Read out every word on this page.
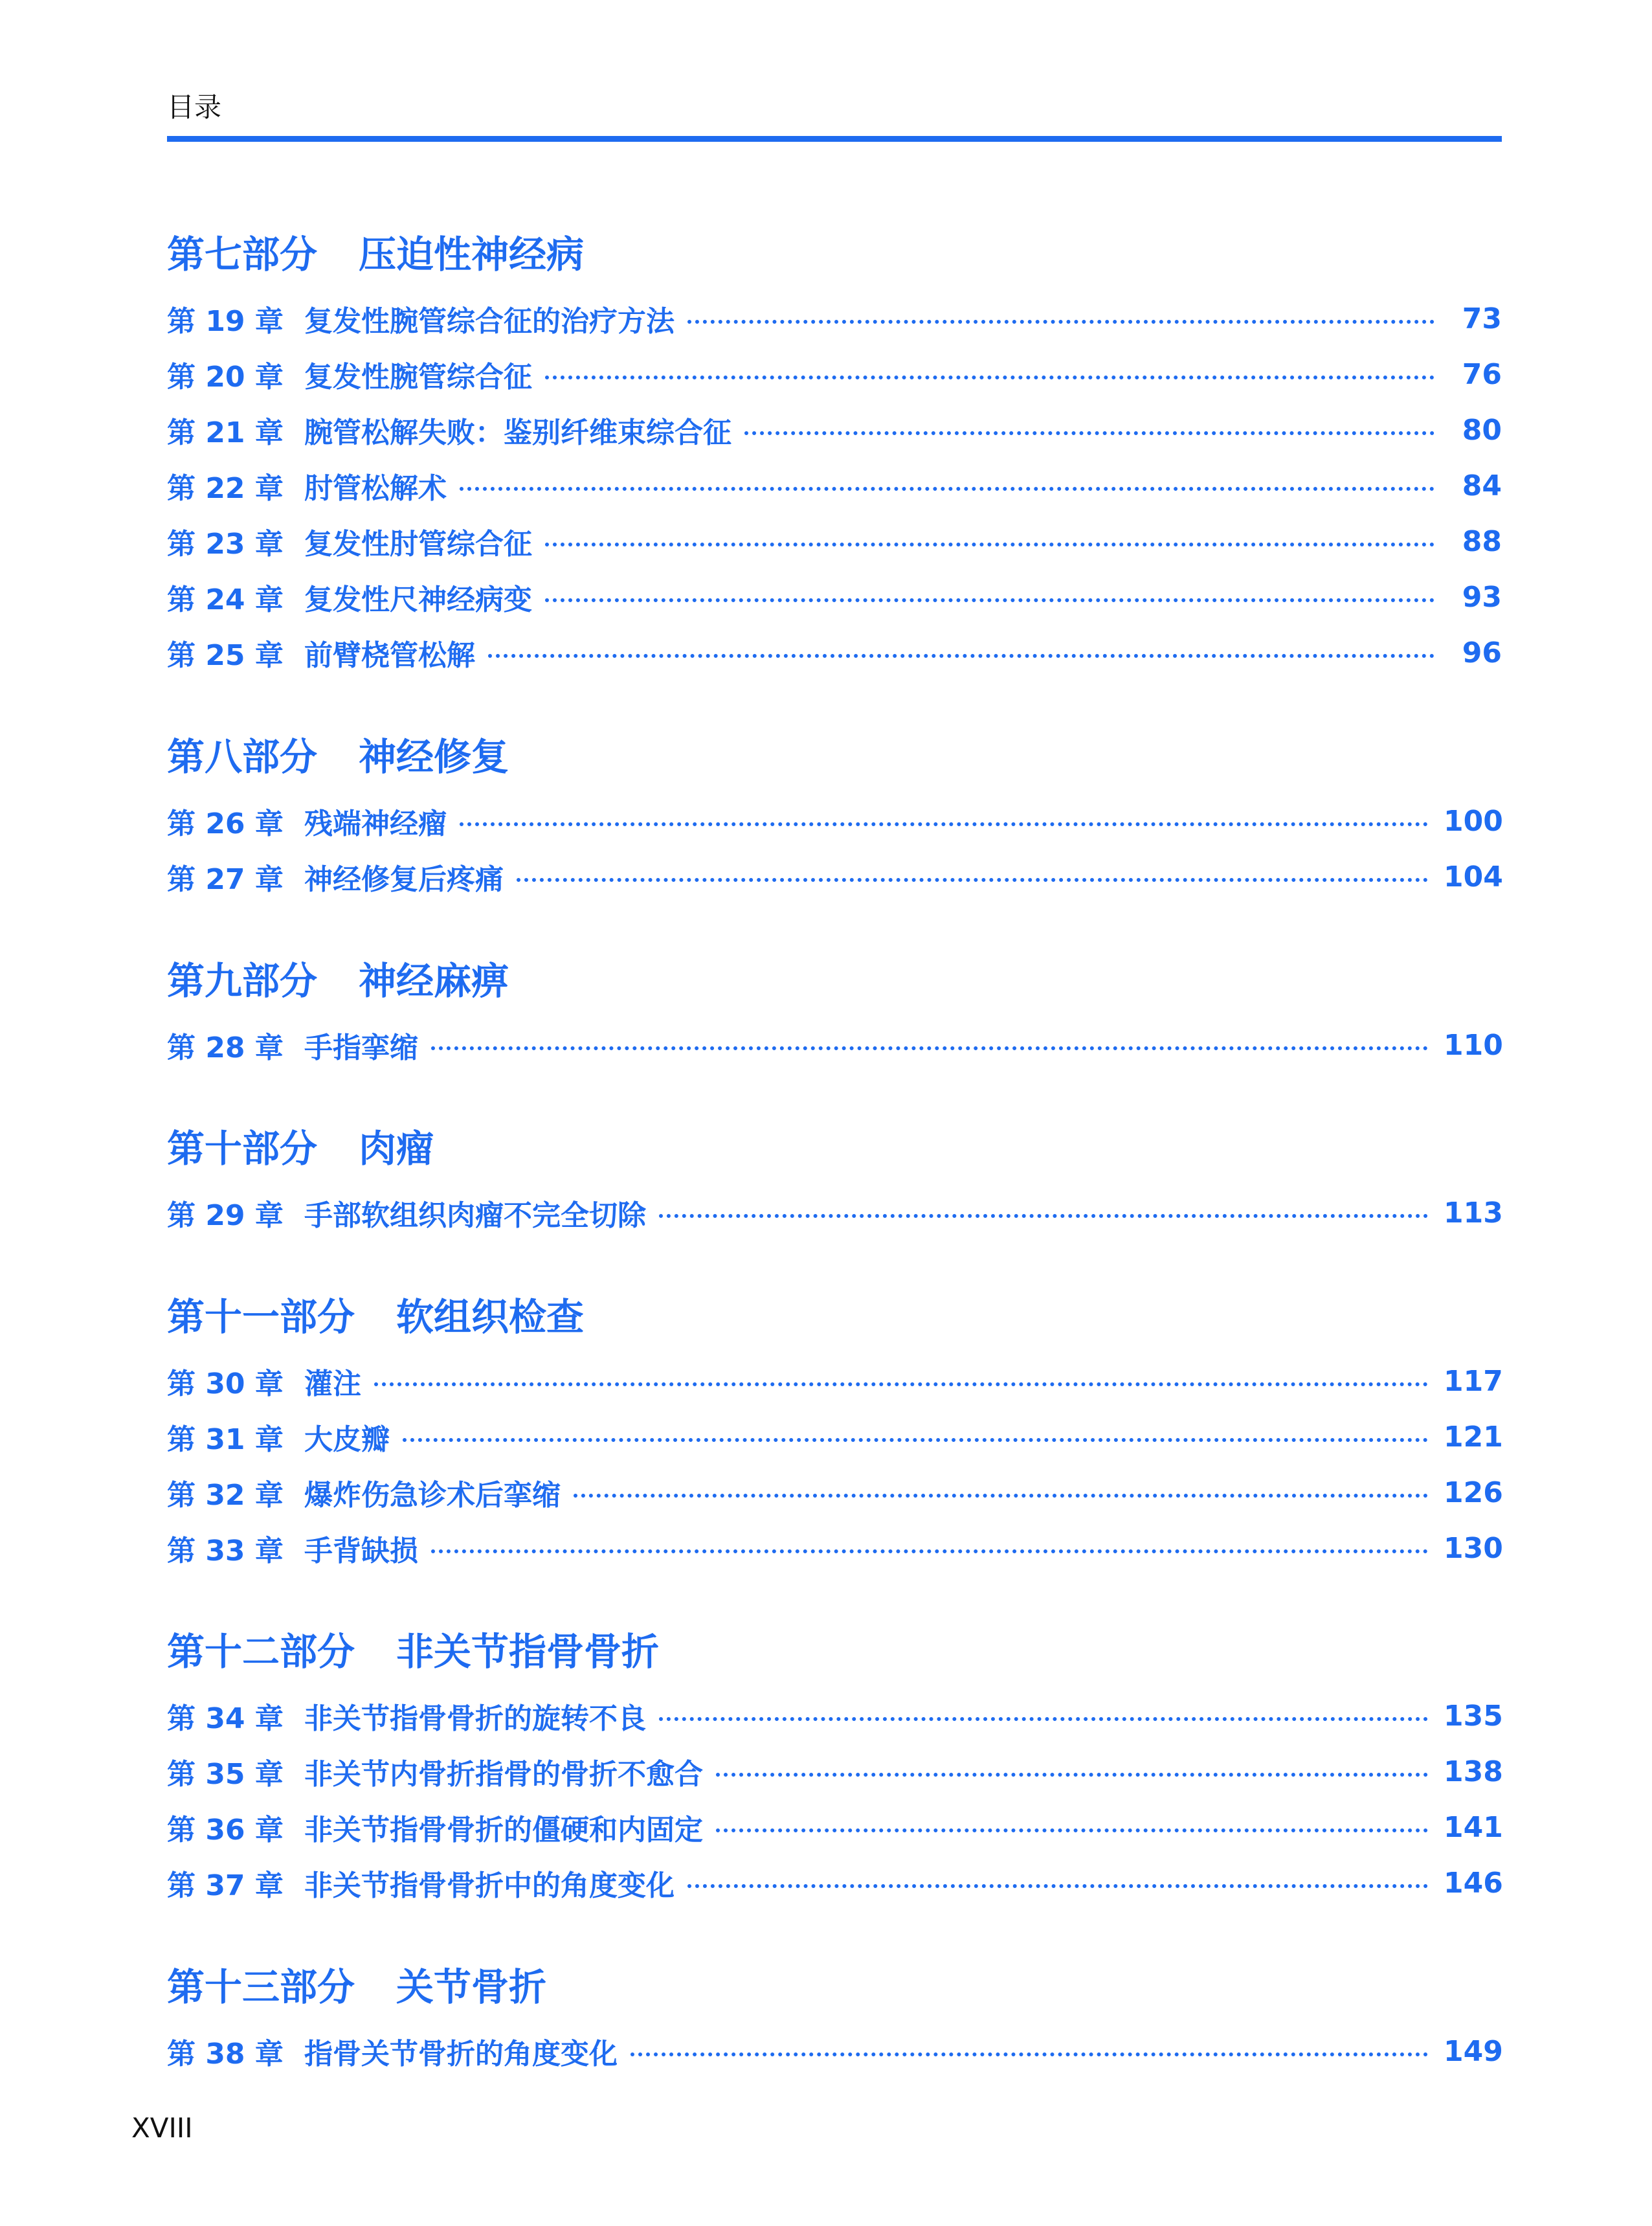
目录
第七部分 压迫性神经病
第 19 章 复发性腕管综合征的治疗方法	73
第 20 章 复发性腕管综合征	76
第 21 章 腕管松解失败：鉴别纤维束综合征	80
第 22 章 肘管松解术	84
第 23 章 复发性肘管综合征	88
第 24 章 复发性尺神经病变	93
第 25 章 前臂桡管松解	96
第八部分 神经修复
第 26 章 残端神经瘤	100
第 27 章 神经修复后疼痛	104
第九部分 神经麻痹
第 28 章 手指挛缩	110
第十部分 肉瘤
第 29 章 手部软组织肉瘤不完全切除	113
第十一部分 软组织检查
第 30 章 灌注	117
第 31 章 大皮瓣	121
第 32 章 爆炸伤急诊术后挛缩	126
第 33 章 手背缺损	130
第十二部分 非关节指骨骨折
第 34 章 非关节指骨骨折的旋转不良	135
第 35 章 非关节内骨折指骨的骨折不愈合	138
第 36 章 非关节指骨骨折的僵硬和内固定	141
第 37 章 非关节指骨骨折中的角度变化	146
第十三部分 关节骨折
第 38 章 指骨关节骨折的角度变化	149
XVIII
